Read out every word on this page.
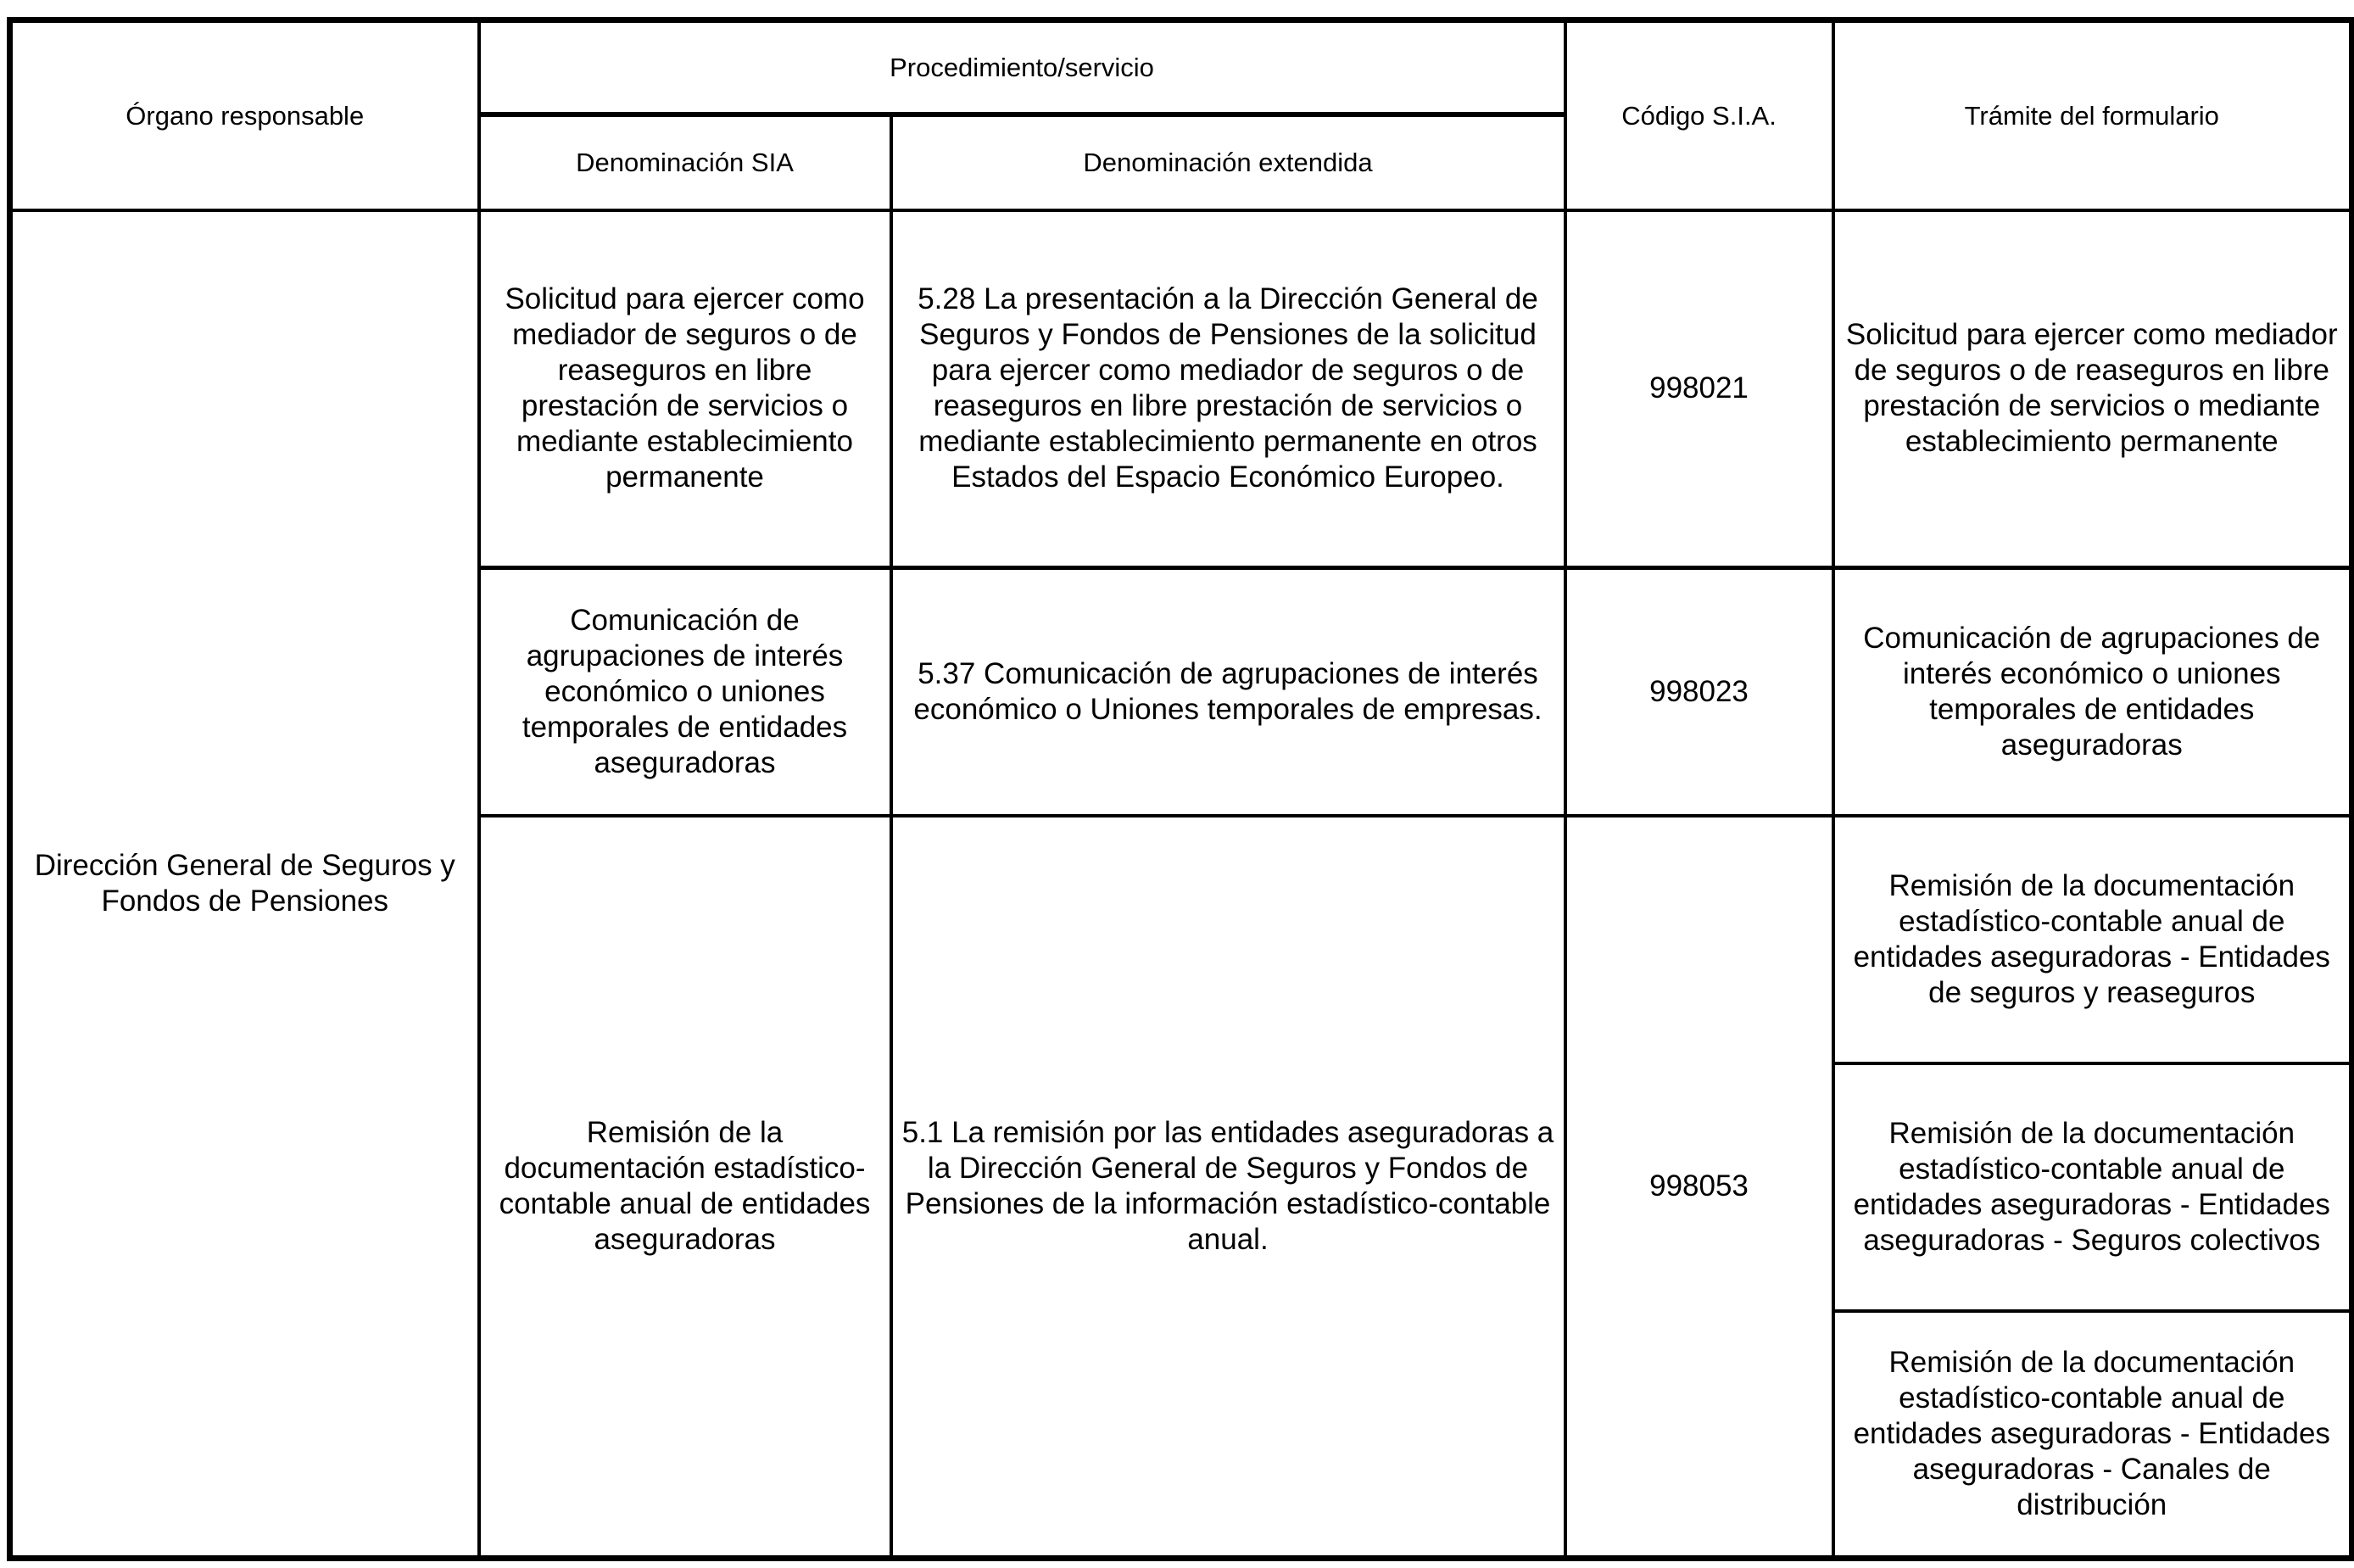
Órgano responsable	Procedimiento/servicio		Código S.I.A.	Trámite del formulario
	Denominación SIA	Denominación extendida		
Dirección General de Seguros y Fondos de Pensiones	Solicitud para ejercer como mediador de seguros o de reaseguros en libre prestación de servicios o mediante establecimiento permanente	5.28 La presentación a la Dirección General de Seguros y Fondos de Pensiones de la solicitud para ejercer como mediador de seguros o de reaseguros en libre prestación de servicios o mediante establecimiento permanente en otros Estados del Espacio Económico Europeo.	998021	Solicitud para ejercer como mediador de seguros o de reaseguros en libre prestación de servicios o mediante establecimiento permanente
	Comunicación de agrupaciones de interés económico o uniones temporales de entidades aseguradoras	5.37 Comunicación de agrupaciones de interés económico o Uniones temporales de empresas.	998023	Comunicación de agrupaciones de interés económico o uniones temporales de entidades aseguradoras
	Remisión de la documentación estadístico-contable anual de entidades aseguradoras	5.1 La remisión por las entidades aseguradoras a la Dirección General de Seguros y Fondos de Pensiones de la información estadístico-contable anual.	998053	Remisión de la documentación estadístico-contable anual de entidades aseguradoras - Entidades de seguros y reaseguros
				Remisión de la documentación estadístico-contable anual de entidades aseguradoras - Entidades aseguradoras - Seguros colectivos
				Remisión de la documentación estadístico-contable anual de entidades aseguradoras - Entidades aseguradoras - Canales de distribución
